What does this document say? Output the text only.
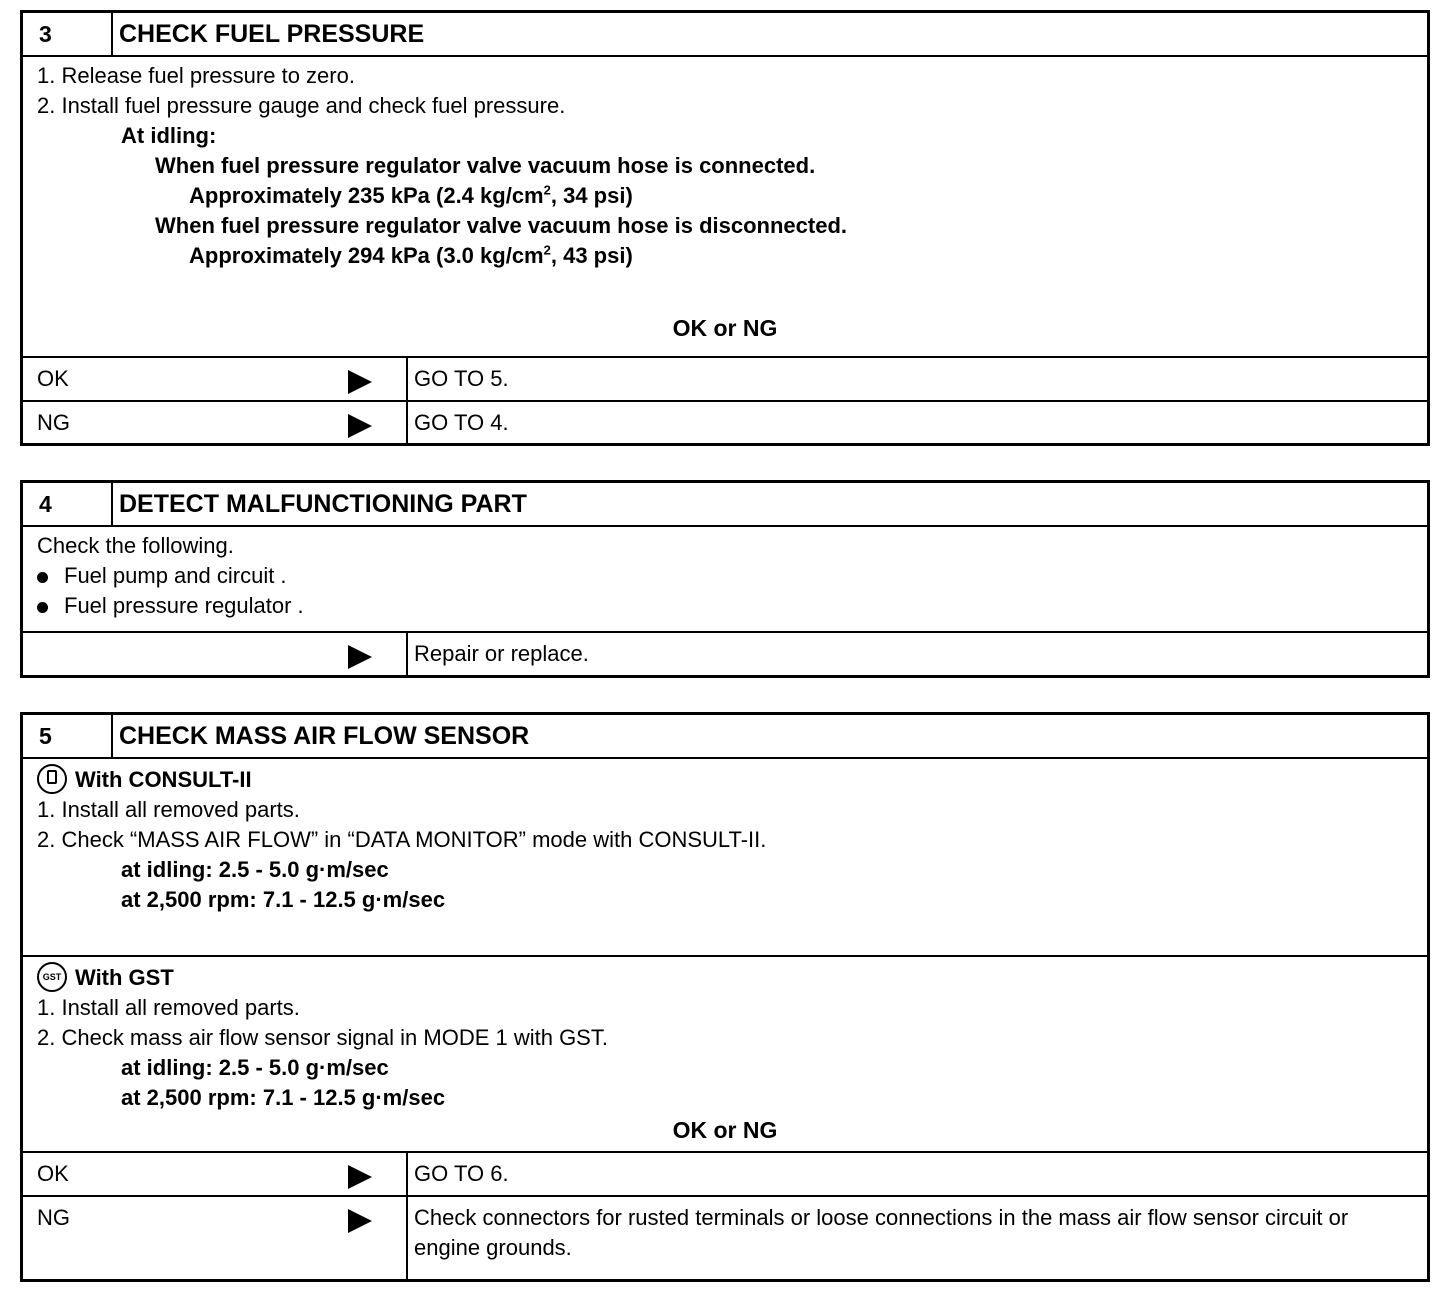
3	CHECK FUEL PRESSURE
1. Release fuel pressure to zero.
2. Install fuel pressure gauge and check fuel pressure.
At idling:
When fuel pressure regulator valve vacuum hose is connected.
Approximately 235 kPa (2.4 $kg/cm^2$, 34 psi)
When fuel pressure regulator valve vacuum hose is disconnected.
Approximately 294 kPa (3.0 $kg/cm^2$, 43 psi)
OK or NG
OK	GO TO 5.
NG	GO TO 4.
4	DETECT MALFUNCTIONING PART
Check the following.
Fuel pump and circuit .
Fuel pressure regulator .
Repair or replace.
5	CHECK MASS AIR FLOW SENSOR
With CONSULT-II
1. Install all removed parts.
2. Check “MASS AIR FLOW” in “DATA MONITOR” mode with CONSULT-II.
at idling: 2.5 - 5.0 g·m/sec
at 2,500 rpm: 7.1 - 12.5 g·m/sec
GST With GST
1. Install all removed parts.
2. Check mass air flow sensor signal in MODE 1 with GST.
at idling: 2.5 - 5.0 g·m/sec
at 2,500 rpm: 7.1 - 12.5 g·m/sec
OK or NG
OK	GO TO 6.
NG	Check connectors for rusted terminals or loose connections in the mass air flow sensor circuit or engine grounds.
